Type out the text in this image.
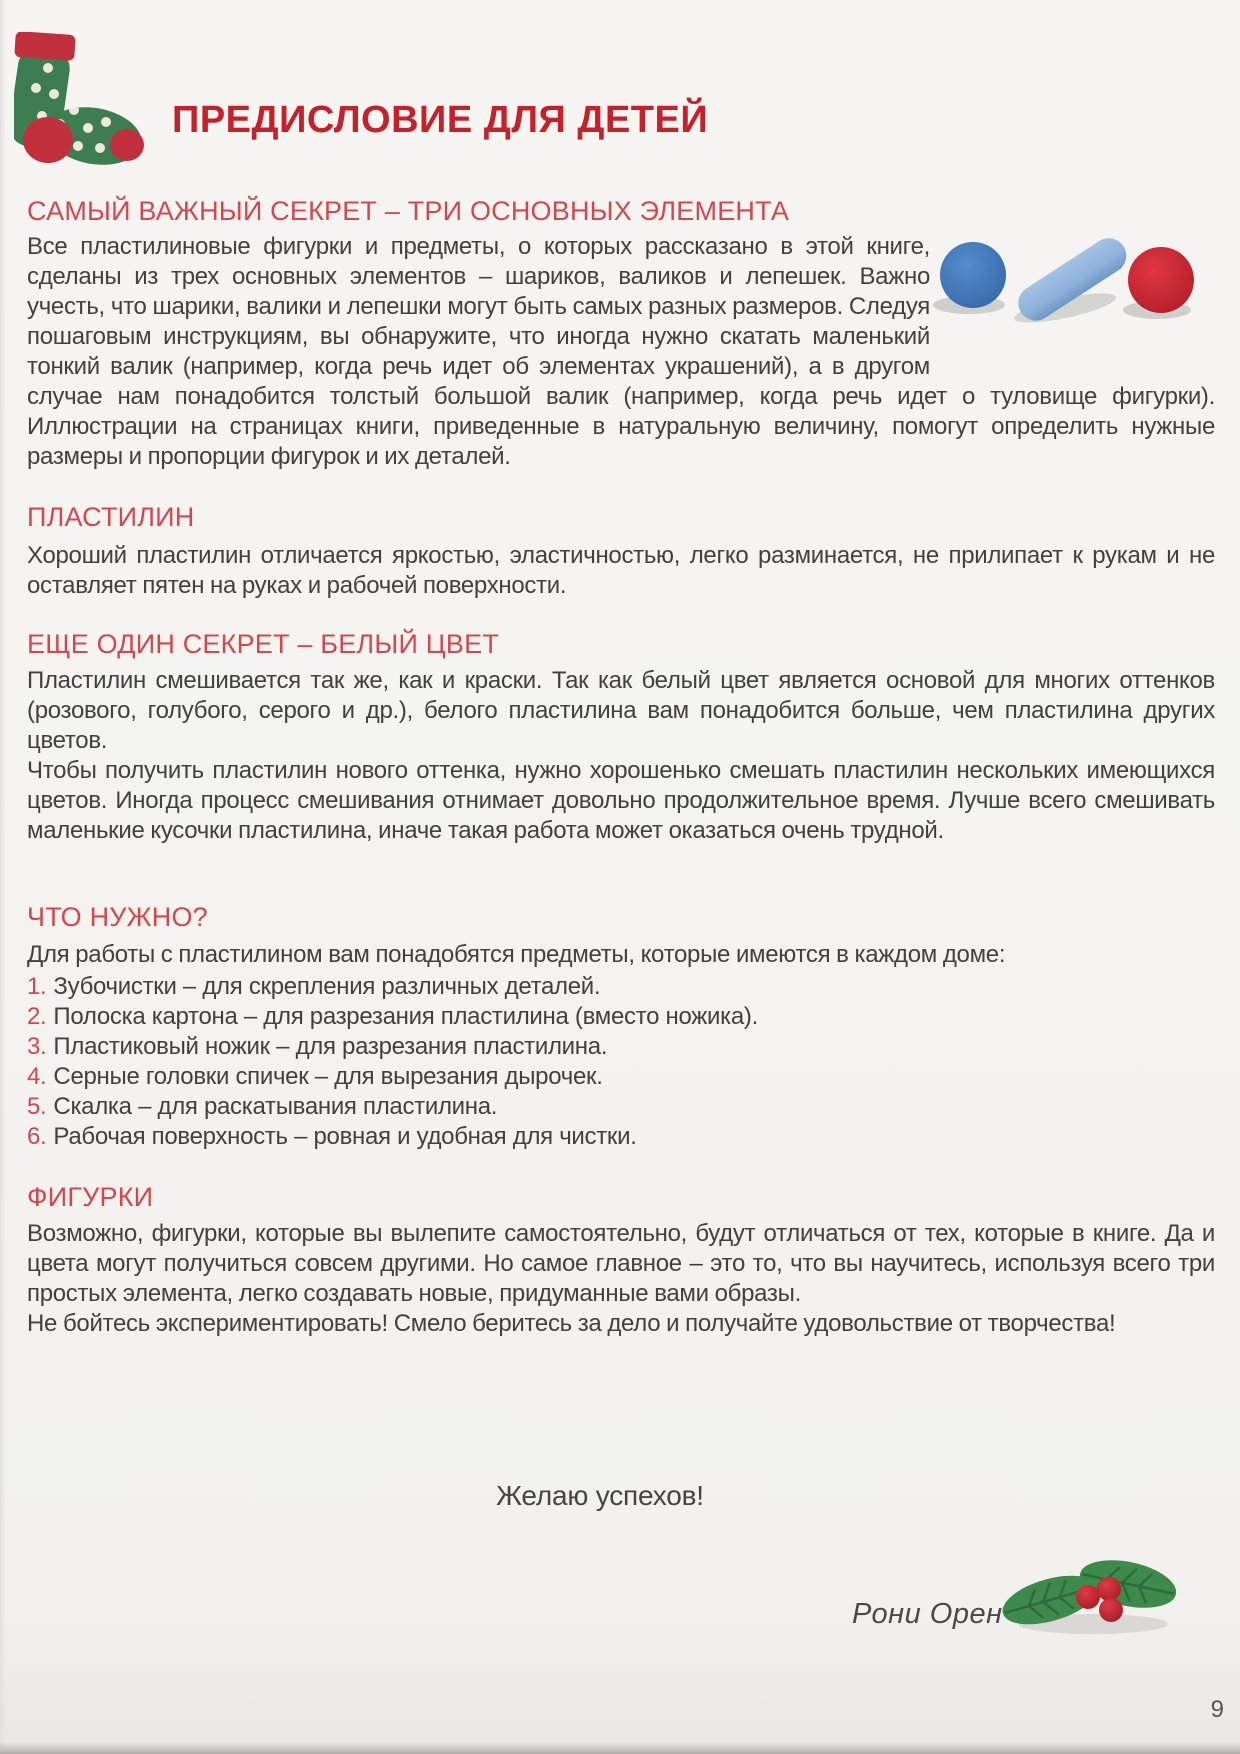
ПРЕДИСЛОВИЕ ДЛЯ ДЕТЕЙ
САМЫЙ ВАЖНЫЙ СЕКРЕТ – ТРИ ОСНОВНЫХ ЭЛЕМЕНТА

Все пластилиновые фигурки и предметы, о которых рассказано в этой книге, сделаны из трех основных элементов – шариков, валиков и лепешек. Важно учесть, что шарики, валики и лепешки могут быть самых разных размеров. Следуя пошаговым инструкциям, вы обнаружите, что иногда нужно скатать маленький тонкий валик (например, когда речь идет об элементах украшений), а в другом случае нам понадобится толстый большой валик (например, когда речь идет о туловище фигурки). Иллюстрации на страницах книги, приведенные в натуральную величину, помогут определить нужные размеры и пропорции фигурок и их деталей.

ПЛАСТИЛИН

Хороший пластилин отличается яркостью, эластичностью, легко разминается, не прилипает к рукам и не оставляет пятен на руках и рабочей поверхности.

ЕЩЕ ОДИН СЕКРЕТ – БЕЛЫЙ ЦВЕТ

Пластилин смешивается так же, как и краски. Так как белый цвет является основой для многих оттенков (розового, голубого, серого и др.), белого пластилина вам понадобится больше, чем пластилина других цветов.

Чтобы получить пластилин нового оттенка, нужно хорошенько смешать пластилин нескольких имеющихся цветов. Иногда процесс смешивания отнимает довольно продолжительное время. Лучше всего смешивать маленькие кусочки пластилина, иначе такая работа может оказаться очень трудной.

ЧТО НУЖНО?

Для работы с пластилином вам понадобятся предметы, которые имеются в каждом доме:

1. Зубочистки – для скрепления различных деталей.
2. Полоска картона – для разрезания пластилина (вместо ножика).
3. Пластиковый ножик – для разрезания пластилина.
4. Серные головки спичек – для вырезания дырочек.
5. Скалка – для раскатывания пластилина.
6. Рабочая поверхность – ровная и удобная для чистки.
ФИГУРКИ

Возможно, фигурки, которые вы вылепите самостоятельно, будут отличаться от тех, которые в книге. Да и цвета могут получиться совсем другими. Но самое главное – это то, что вы научитесь, используя всего три простых элемента, легко создавать новые, придуманные вами образы.

Не бойтесь экспериментировать! Смело беритесь за дело и получайте удовольствие от творчества!

Желаю успехов!
Рони Орен
9
